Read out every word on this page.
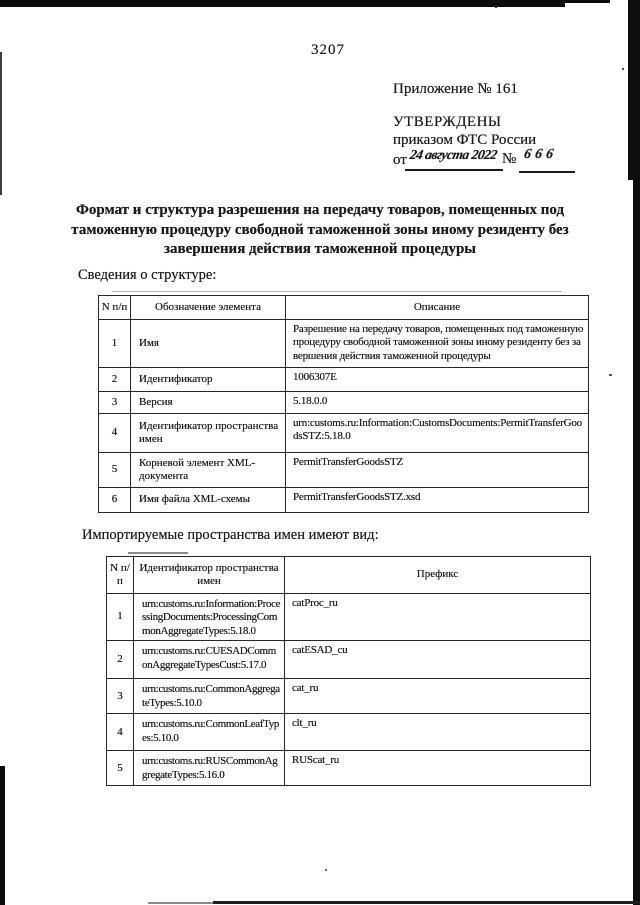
3207
Приложение № 161
УТВЕРЖДЕНЫ
приказом ФТС России
от 24 августа 2022 № 666
Формат и структура разрешения на передачу товаров, помещенных под таможенную процедуру свободной таможенной зоны иному резиденту без завершения действия таможенной процедуры
Сведения о структуре:
N п/п	Обозначение элемента	Описание
1	Имя	Разрешение на передачу товаров, помещенных под таможенную процедуру свободной таможенной зоны иному резиденту без завершения действия таможенной процедуры
2	Идентификатор	1006307E
3	Версия	5.18.0.0
4	Идентификатор пространства имен	urn:customs.ru:Information:CustomsDocuments:PermitTransferGoodsSTZ:5.18.0
5	Корневой элемент XML-документа	PermitTransferGoodsSTZ
6	Имя файла XML-схемы	PermitTransferGoodsSTZ.xsd
Импортируемые пространства имен имеют вид:
N п/п	Идентификатор пространства имен	Префикс
1	urn:customs.ru:Information:ProcessingDocuments:ProcessingCommonAggregateTypes:5.18.0	catProc_ru
2	urn:customs.ru:CUESADCommonAggregateTypesCust:5.17.0	catESAD_cu
3	urn:customs.ru:CommonAggregateTypes:5.10.0	cat_ru
4	urn:customs.ru:CommonLeafTypes:5.10.0	clt_ru
5	urn:customs.ru:RUSCommonAggregateTypes:5.16.0	RUScat_ru
